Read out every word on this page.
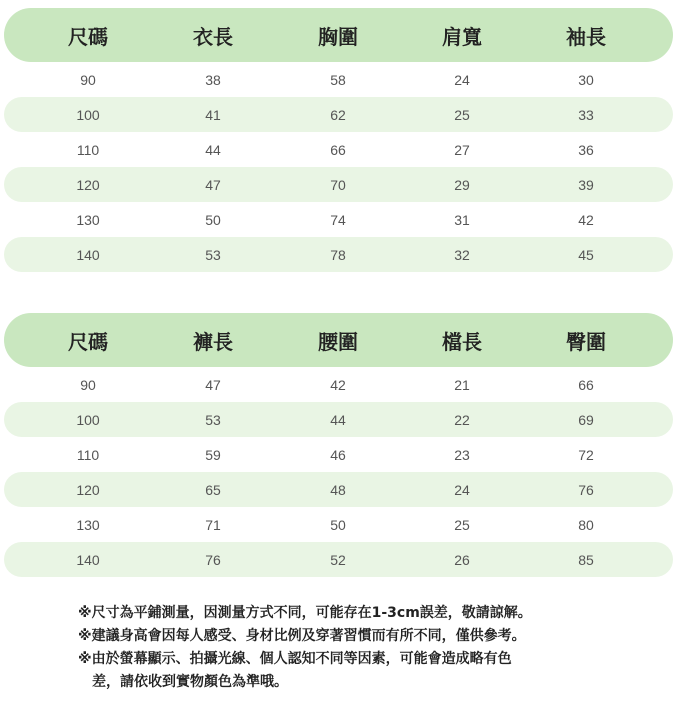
尺碼	衣長	胸圍	肩寬	袖長
90	38	58	24	30
100	41	62	25	33
110	44	66	27	36
120	47	70	29	39
130	50	74	31	42
140	53	78	32	45
尺碼	褲長	腰圍	檔長	臀圍
90	47	42	21	66
100	53	44	22	69
110	59	46	23	72
120	65	48	24	76
130	71	50	25	80
140	76	52	26	85
※尺寸為平鋪測量，因測量方式不同，可能存在1-3cm誤差，敬請諒解。
※建議身高會因每人感受、身材比例及穿著習慣而有所不同，僅供參考。
※由於螢幕顯示、拍攝光線、個人認知不同等因素，可能會造成略有色
差，請依收到實物顏色為準哦。
